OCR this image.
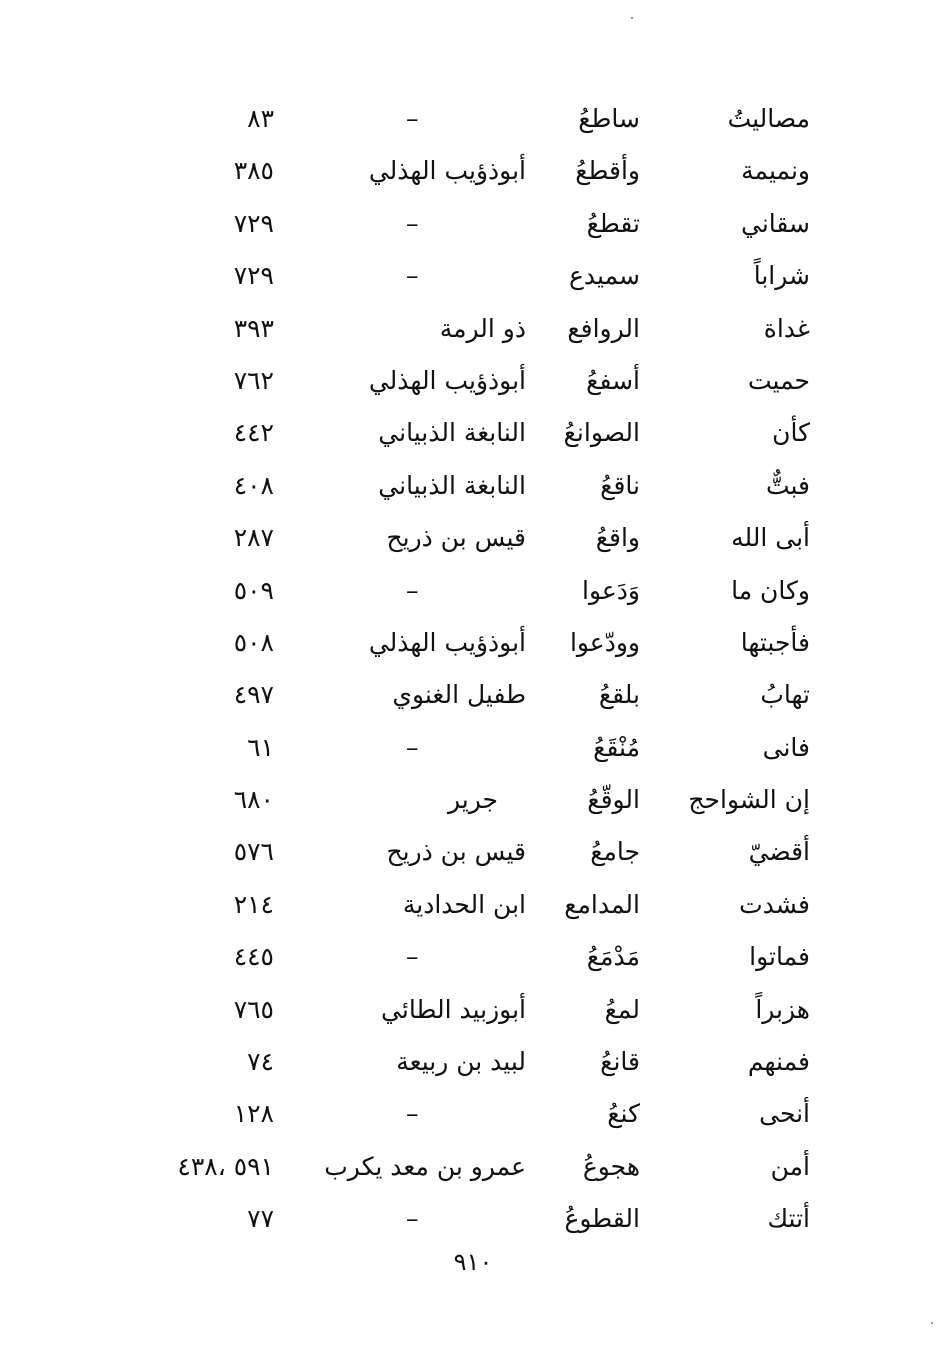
مصاليتُ
ساطعُ
–
٨٣
ونميمة
وأقطعُ
أبوذؤيب الهذلي
٣٨٥
سقاني
تقطعُ
–
٧٢٩
شراباً
سميدع
–
٧٢٩
غداة
الروافع
ذو الرمة
٣٩٣
حميت
أسفعُ
أبوذؤيب الهذلي
٧٦٢
كأن
الصوانعُ
النابغة الذبياني
٤٤٢
فبتٌّ
ناقعُ
النابغة الذبياني
٤٠٨
أبى الله
واقعُ
قيس بن ذريح
٢٨٧
وكان ما
وَدَعوا
–
٥٠٩
فأجبتها
وودّعوا
أبوذؤيب الهذلي
٥٠٨
تهابُ
بلقعُ
طفيل الغنوي
٤٩٧
فانى
مُنْقَعُ
–
٦١
إن الشواحج
الوقّعُ
جرير
٦٨٠
أقضيّ
جامعُ
قيس بن ذريح
٥٧٦
فشدت
المدامع
ابن الحدادية
٢١٤
فماتوا
مَدْمَعُ
–
٤٤٥
هزبراً
لمعُ
أبوزبيد الطائي
٧٦٥
فمنهم
قانعُ
لبيد بن ربيعة
٧٤
أنحى
كنعُ
–
١٢٨
أمن
هجوعُ
عمرو بن معد يكرب
٥٩١ ،٤٣٨
أتتك
القطوعُ
–
٧٧
٩١٠
